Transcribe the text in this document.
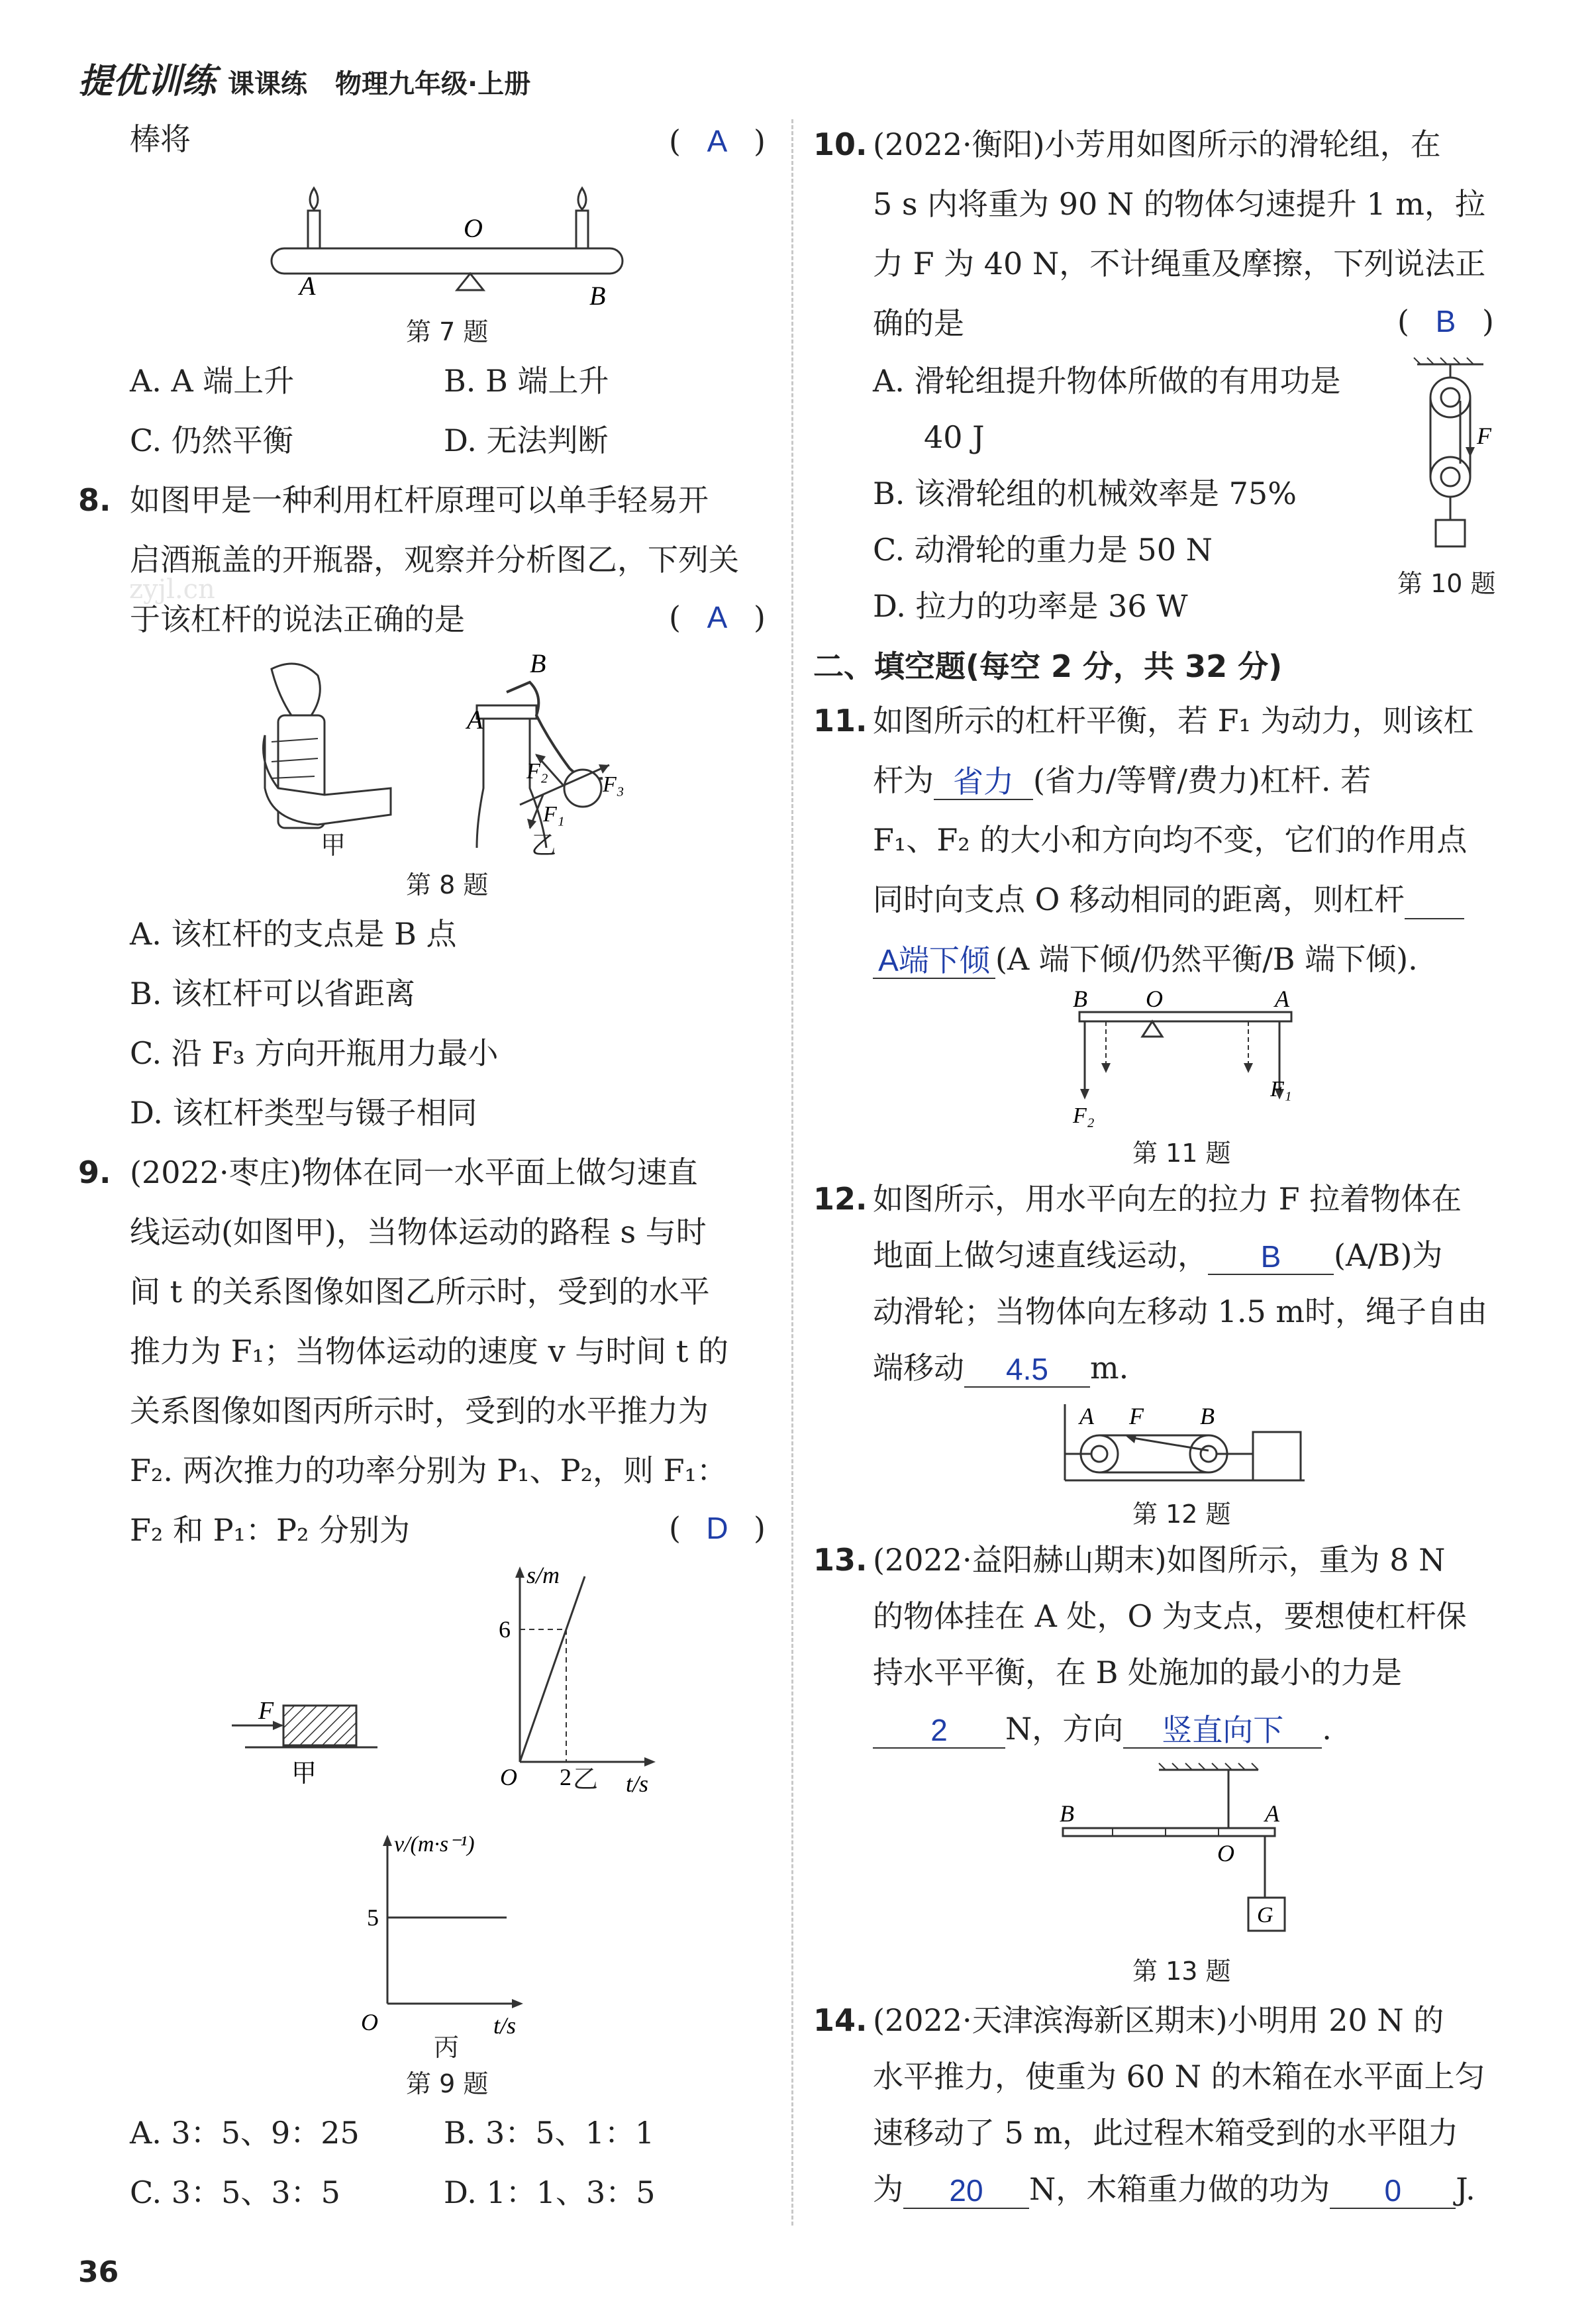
提优训练 课课练 物理九年级·上册
棒将	( A )
O
A	B
第 7 题
A. A 端上升	B. B 端上升
C. 仍然平衡	D. 无法判断
8. 如图甲是一种利用杠杆原理可以单手轻易开
启酒瓶盖的开瓶器，观察并分析图乙，下列关
于该杠杆的说法正确的是	( A )
zyjl.cn
B
A
F₂
F₃
F₁
甲	乙
第 8 题
A. 该杠杆的支点是 B 点
B. 该杠杆可以省距离
C. 沿 F₃ 方向开瓶用力最小
D. 该杠杆类型与镊子相同
9. (2022·枣庄)物体在同一水平面上做匀速直
线运动(如图甲)，当物体运动的路程 s 与时
间 t 的关系图像如图乙所示时，受到的水平
推力为 F₁；当物体运动的速度 v 与时间 t 的
关系图像如图丙所示时，受到的水平推力为
F₂. 两次推力的功率分别为 P₁、P₂，则 F₁：
F₂ 和 P₁：P₂ 分别为	( D )
F
甲
s/m
t/s
O
6
2 乙
v/(m·s⁻¹)
t/s
O
5
丙
第 9 题
A. 3：5、9：25	B. 3：5、1：1
C. 3：5、3：5	D. 1：1、3：5
36
10. (2022·衡阳)小芳用如图所示的滑轮组，在
5 s 内将重为 90 N 的物体匀速提升 1 m，拉
力 F 为 40 N，不计绳重及摩擦，下列说法正
确的是	( B )
A. 滑轮组提升物体所做的有用功是
40 J
B. 该滑轮组的机械效率是 75%
C. 动滑轮的重力是 50 N
D. 拉力的功率是 36 W
F
第 10 题
二、填空题(每空 2 分，共 32 分)
11. 如图所示的杠杆平衡，若 F₁ 为动力，则该杠
杆为 省力 (省力/等臂/费力)杠杆. 若
F₁、F₂ 的大小和方向均不变，它们的作用点
同时向支点 O 移动相同的距离，则杠杆
A端下倾 (A 端下倾/仍然平衡/B 端下倾).
B O	A
F₂
F₁
第 11 题
12. 如图所示，用水平向左的拉力 F 拉着物体在
地面上做匀速直线运动， B (A/B)为
动滑轮；当物体向左移动 1.5 m时，绳子自由
端移动 4.5 m.
A F B
第 12 题
13. (2022·益阳赫山期末)如图所示，重为 8 N
的物体挂在 A 处，O 为支点，要想使杠杆保
持水平平衡，在 B 处施加的最小的力是
2 N，方向 竖直向下 .
B	A
O
G
第 13 题
14. (2022·天津滨海新区期末)小明用 20 N 的
水平推力，使重为 60 N 的木箱在水平面上匀
速移动了 5 m，此过程木箱受到的水平阻力
为 20 N，木箱重力做的功为 0 J.
